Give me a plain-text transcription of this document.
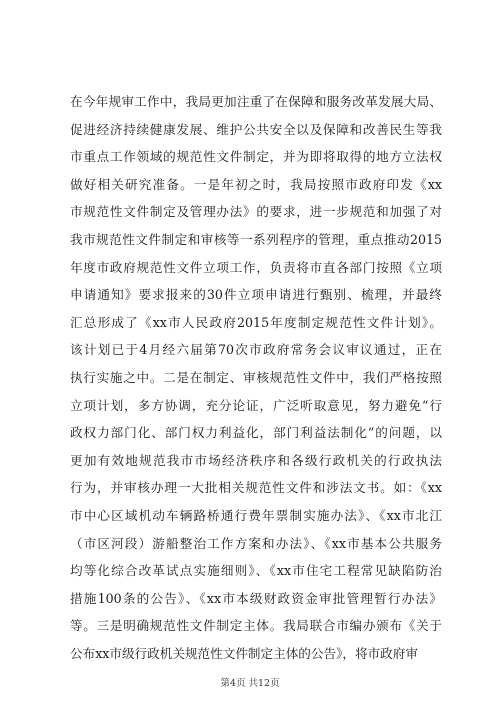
在今年规审工作中，我局更加注重了在保障和服务改革发展大局、
促进经济持续健康发展、维护公共安全以及保障和改善民生等我
市重点工作领域的规范性文件制定，并为即将取得的地方立法权
做好相关研究准备。一是年初之时，我局按照市政府印发《xx
市规范性文件制定及管理办法》的要求，进一步规范和加强了对
我市规范性文件制定和审核等一系列程序的管理，重点推动2015
年度市政府规范性文件立项工作，负责将市直各部门按照《立项
申请通知》要求报来的30件立项申请进行甄别、梳理，并最终
汇总形成了《xx市人民政府2015年度制定规范性文件计划》。
该计划已于4月经六届第70次市政府常务会议审议通过，正在
执行实施之中。二是在制定、审核规范性文件中，我们严格按照
立项计划，多方协调，充分论证，广泛听取意见，努力避免“行
政权力部门化、部门权力利益化，部门利益法制化”的问题，以
更加有效地规范我市市场经济秩序和各级行政机关的行政执法
行为，并审核办理一大批相关规范性文件和涉法文书。如：《xx
市中心区域机动车辆路桥通行费年票制实施办法》、《xx市北江
（市区河段）游船整治工作方案和办法》、《xx市基本公共服务
均等化综合改革试点实施细则》、《xx市住宅工程常见缺陷防治
措施100条的公告》、《xx市本级财政资金审批管理暂行办法》
等。三是明确规范性文件制定主体。我局联合市编办颁布《关于
公布xx市级行政机关规范性文件制定主体的公告》，将市政府审
第4页 共12页
